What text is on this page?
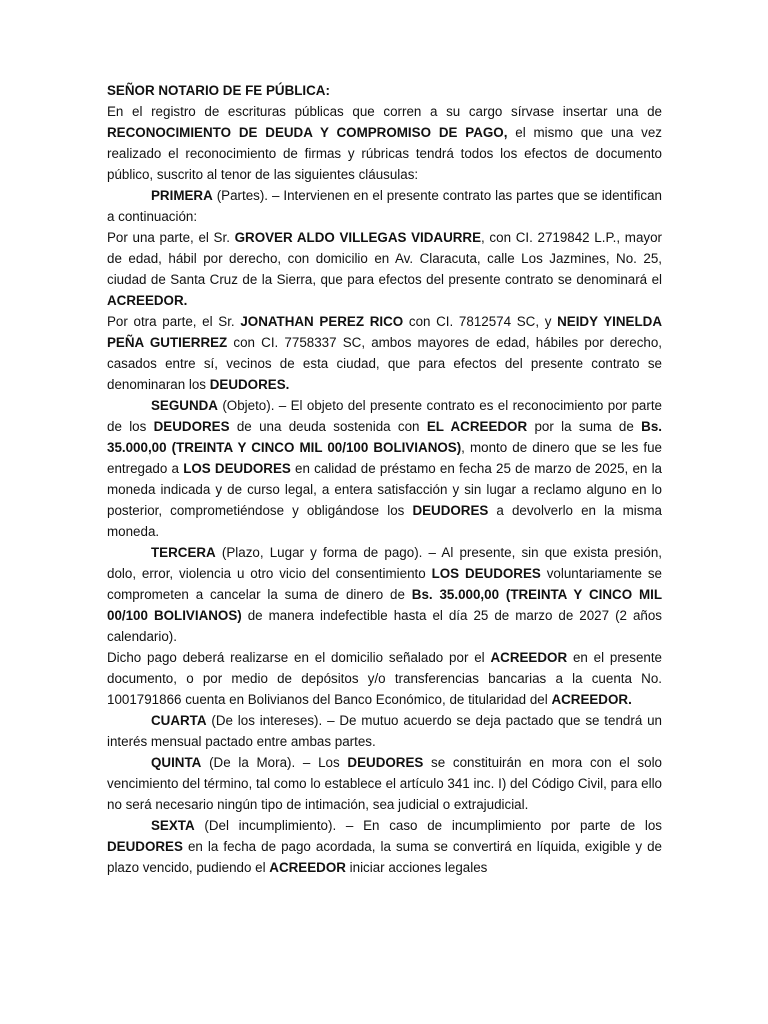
SEÑOR NOTARIO DE FE PÚBLICA:

En el registro de escrituras públicas que corren a su cargo sírvase insertar una de RECONOCIMIENTO DE DEUDA Y COMPROMISO DE PAGO, el mismo que una vez realizado el reconocimiento de firmas y rúbricas tendrá todos los efectos de documento público, suscrito al tenor de las siguientes cláusulas:

PRIMERA (Partes). – Intervienen en el presente contrato las partes que se identifican a continuación:

Por una parte, el Sr. GROVER ALDO VILLEGAS VIDAURRE, con CI. 2719842 L.P., mayor de edad, hábil por derecho, con domicilio en Av. Claracuta, calle Los Jazmines, No. 25, ciudad de Santa Cruz de la Sierra, que para efectos del presente contrato se denominará el ACREEDOR.

Por otra parte, el Sr. JONATHAN PEREZ RICO con CI. 7812574 SC, y NEIDY YINELDA PEÑA GUTIERREZ con CI. 7758337 SC, ambos mayores de edad, hábiles por derecho, casados entre sí, vecinos de esta ciudad, que para efectos del presente contrato se denominaran los DEUDORES.

SEGUNDA (Objeto). – El objeto del presente contrato es el reconocimiento por parte de los DEUDORES de una deuda sostenida con EL ACREEDOR por la suma de Bs. 35.000,00 (TREINTA Y CINCO MIL 00/100 BOLIVIANOS), monto de dinero que se les fue entregado a LOS DEUDORES en calidad de préstamo en fecha 25 de marzo de 2025, en la moneda indicada y de curso legal, a entera satisfacción y sin lugar a reclamo alguno en lo posterior, comprometiéndose y obligándose los DEUDORES a devolverlo en la misma moneda.

TERCERA (Plazo, Lugar y forma de pago). – Al presente, sin que exista presión, dolo, error, violencia u otro vicio del consentimiento LOS DEUDORES voluntariamente se comprometen a cancelar la suma de dinero de Bs. 35.000,00 (TREINTA Y CINCO MIL 00/100 BOLIVIANOS) de manera indefectible hasta el día 25 de marzo de 2027 (2 años calendario).

Dicho pago deberá realizarse en el domicilio señalado por el ACREEDOR en el presente documento, o por medio de depósitos y/o transferencias bancarias a la cuenta No. 1001791866 cuenta en Bolivianos del Banco Económico, de titularidad del ACREEDOR.

CUARTA (De los intereses). – De mutuo acuerdo se deja pactado que se tendrá un interés mensual pactado entre ambas partes.

QUINTA (De la Mora). – Los DEUDORES se constituirán en mora con el solo vencimiento del término, tal como lo establece el artículo 341 inc. I) del Código Civil, para ello no será necesario ningún tipo de intimación, sea judicial o extrajudicial.

SEXTA (Del incumplimiento). – En caso de incumplimiento por parte de los DEUDORES en la fecha de pago acordada, la suma se convertirá en líquida, exigible y de plazo vencido, pudiendo el ACREEDOR iniciar acciones legales
